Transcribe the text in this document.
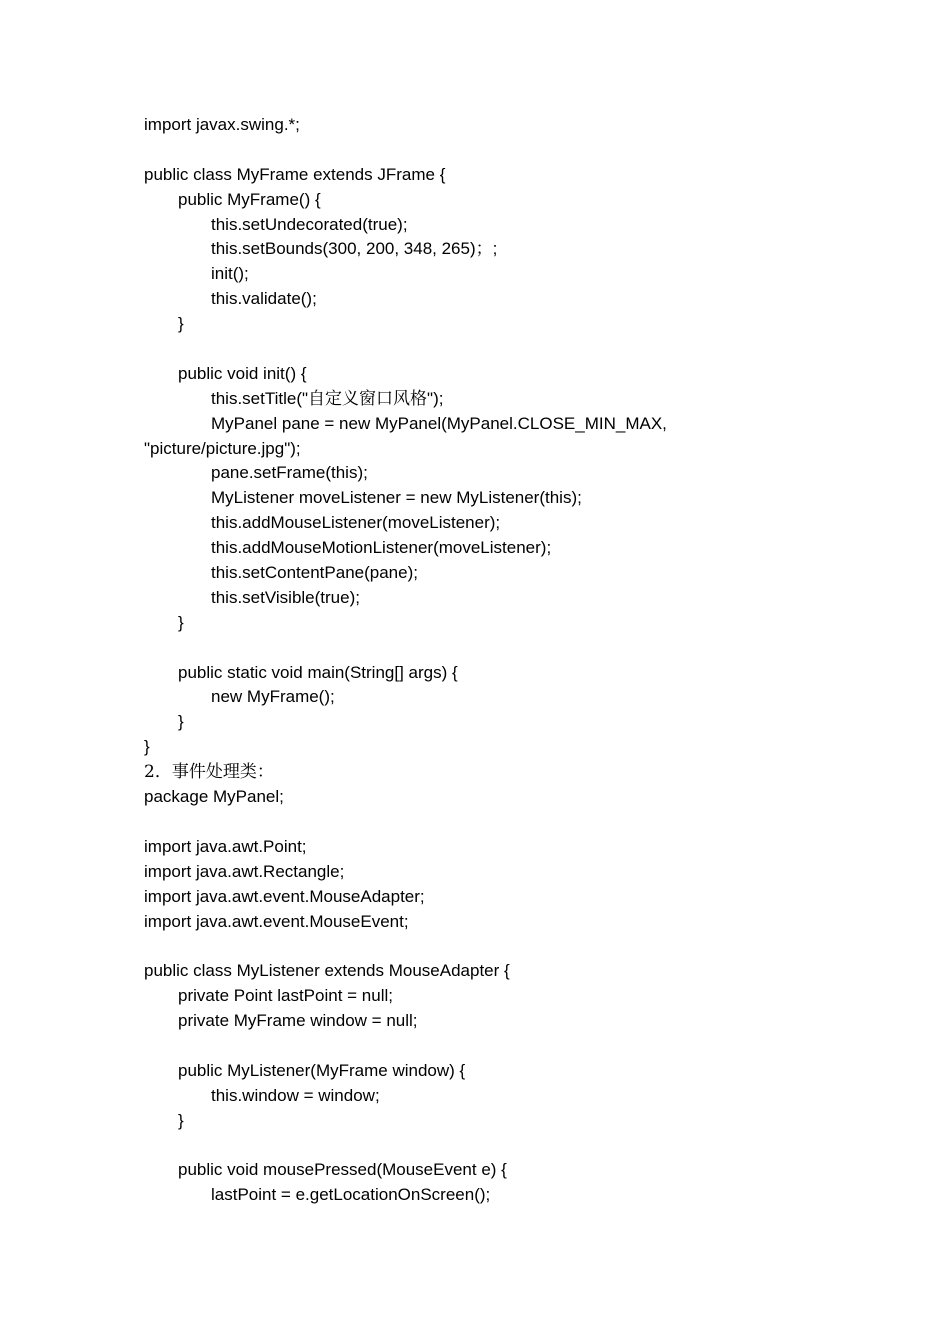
import javax.swing.*;
public class MyFrame extends JFrame {
public MyFrame() {
this.setUndecorated(true);
this.setBounds(300, 200, 348, 265)；;
init();
this.validate();
}
public void init() {
this.setTitle("自定义窗口风格");
MyPanel pane = new MyPanel(MyPanel.CLOSE_MIN_MAX,
"picture/picture.jpg");
pane.setFrame(this);
MyListener moveListener = new MyListener(this);
this.addMouseListener(moveListener);
this.addMouseMotionListener(moveListener);
this.setContentPane(pane);
this.setVisible(true);
}
public static void main(String[] args) {
new MyFrame();
}
}
2．事件处理类：
package MyPanel;
import java.awt.Point;
import java.awt.Rectangle;
import java.awt.event.MouseAdapter;
import java.awt.event.MouseEvent;
public class MyListener extends MouseAdapter {
private Point lastPoint = null;
private MyFrame window = null;
public MyListener(MyFrame window) {
this.window = window;
}
public void mousePressed(MouseEvent e) {
lastPoint = e.getLocationOnScreen();
